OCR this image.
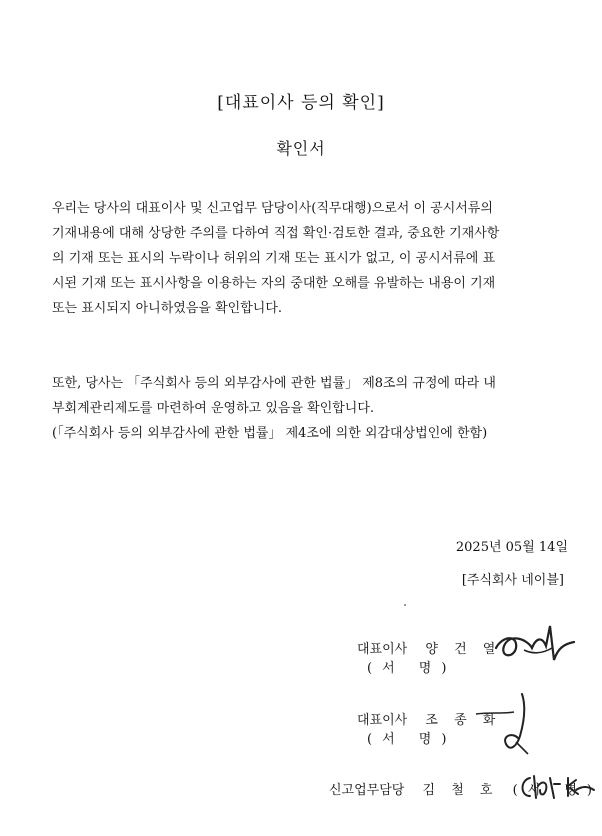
[대표이사 등의 확인]
확인서

우리는 당사의 대표이사 및 신고업무 담당이사(직무대행)으로서 이 공시서류의

기재내용에 대해 상당한 주의를 다하여 직접 확인·검토한 결과, 중요한 기재사항

의 기재 또는 표시의 누락이나 허위의 기재 또는 표시가 없고, 이 공시서류에 표

시된 기재 또는 표시사항을 이용하는 자의 중대한 오해를 유발하는 내용이 기재

또는 표시되지 아니하였음을 확인합니다.

또한, 당사는 「주식회사 등의 외부감사에 관한 법률」 제8조의 규정에 따라 내

부회계관리제도를 마련하여 운영하고 있음을 확인합니다.

(「주식회사 등의 외부감사에 관한 법률」 제4조에 의한 외감대상법인에 한함)

2025년 05월 14일
[주식회사 네이블]
대표이사 양 건 열 (서 명)
대표이사 조 종 화 (서 명)
신고업무담당 김 철 호 (서 명)
